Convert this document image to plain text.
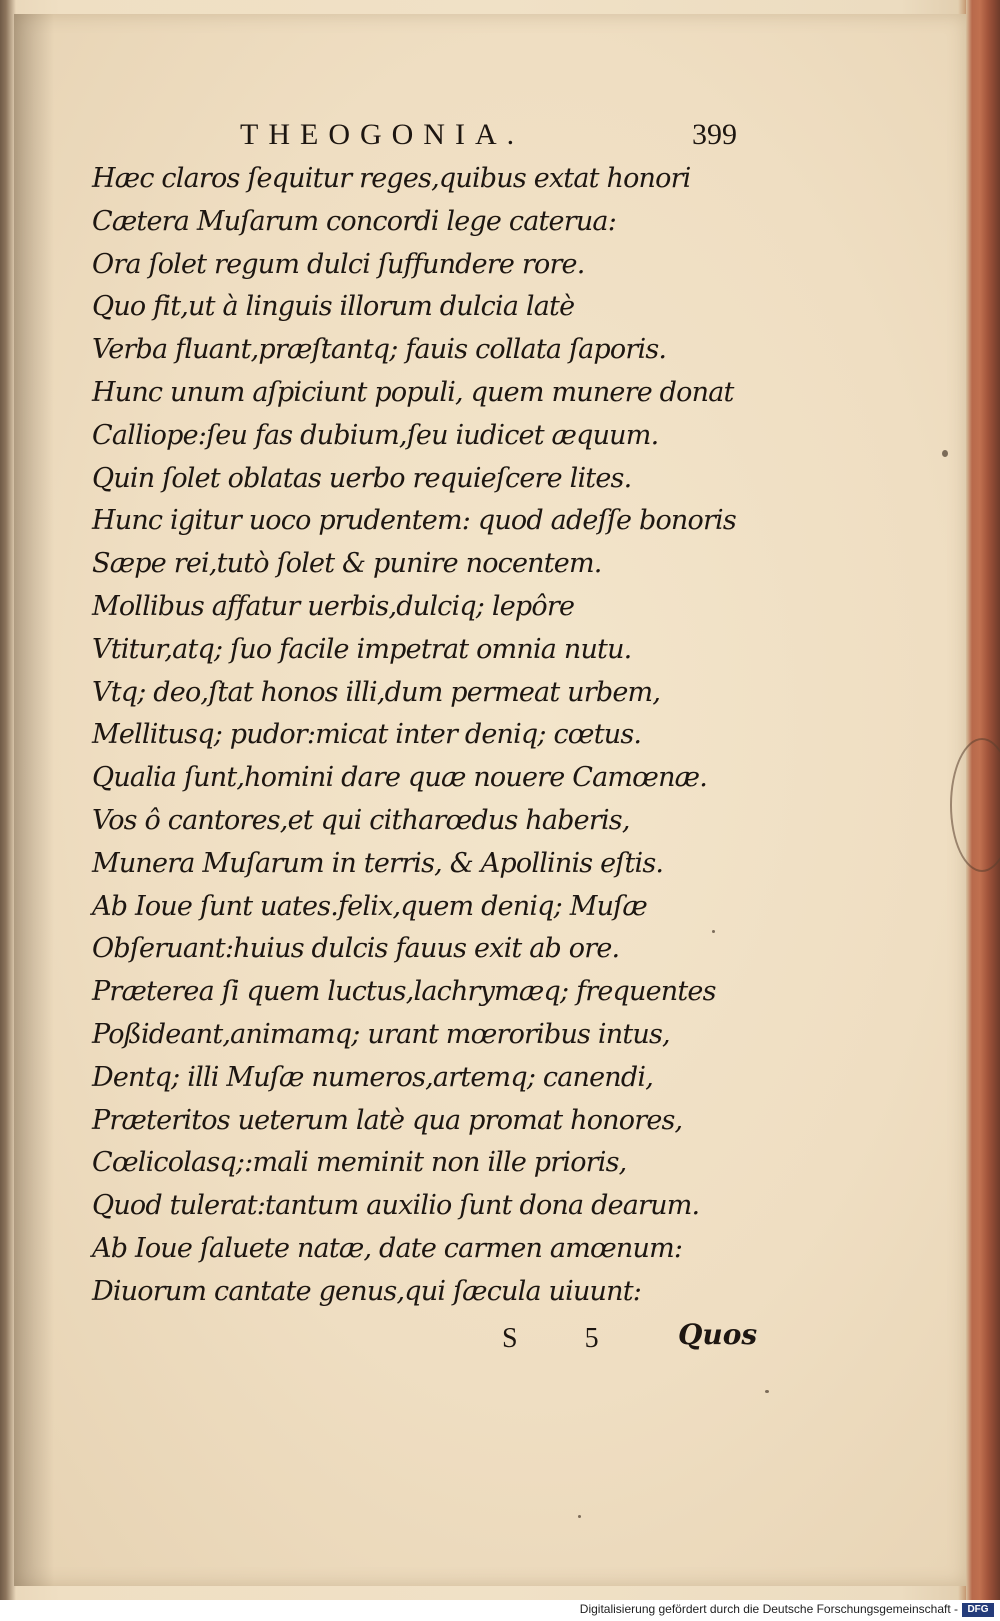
THEOGONIA.	399
Hæc claros ſequitur reges,quibus extat honori
Cætera Muſarum concordi lege caterua:
Ora ſolet regum dulci ſuffundere rore.
Quo fit,ut à linguis illorum dulcia latè
Verba fluant,præſtantq; fauis collata ſaporis.
Hunc unum aſpiciunt populi, quem munere donat
Calliope:ſeu fas dubium,ſeu iudicet æquum.
Quin ſolet oblatas uerbo requieſcere lites.
Hunc igitur uoco prudentem: quod adeſſe bonoris
Sæpe rei,tutò ſolet & punire nocentem.
Mollibus affatur uerbis,dulciq; lepôre
Vtitur,atq; ſuo facile impetrat omnia nutu.
Vtq; deo,ſtat honos illi,dum permeat urbem,
Mellitusq; pudor:micat inter deniq; cœtus.
Qualia ſunt,homini dare quæ nouere Camœnæ.
Vos ô cantores,et qui citharœdus haberis,
Munera Muſarum in terris, & Apollinis eſtis.
Ab Ioue ſunt uates.felix,quem deniq; Muſæ
Obſeruant:huius dulcis fauus exit ab ore.
Præterea ſi quem luctus,lachrymæq; frequentes
Poßideant,animamq; urant mœroribus intus,
Dentq; illi Muſæ numeros,artemq; canendi,
Præteritos ueterum latè qua promat honores,
Cœlicolasq;:mali meminit non ille prioris,
Quod tulerat:tantum auxilio ſunt dona dearum.
Ab Ioue ſaluete natæ, date carmen amœnum:
Diuorum cantate genus,qui ſæcula uiuunt:
S 5 Quos
Digitalisierung gefördert durch die Deutsche Forschungsgemeinschaft - DFG
